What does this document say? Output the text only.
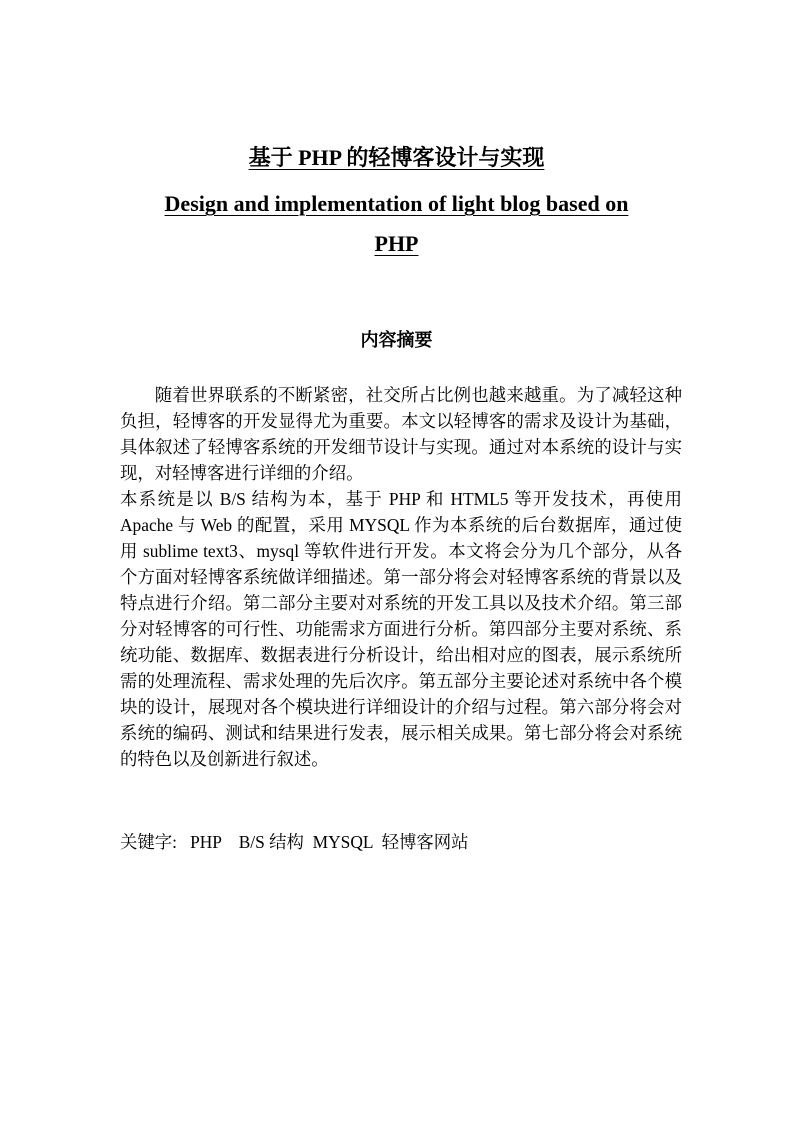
基于 PHP 的轻博客设计与实现
Design and implementation of light blog based on
PHP
内容摘要
随着世界联系的不断紧密，社交所占比例也越来越重。为了减轻这种负担，轻博客的开发显得尤为重要。本文以轻博客的需求及设计为基础，具体叙述了轻博客系统的开发细节设计与实现。通过对本系统的设计与实现，对轻博客进行详细的介绍。
本系统是以 B/S 结构为本，基于 PHP 和 HTML5 等开发技术，再使用 Apache 与 Web 的配置，采用 MYSQL 作为本系统的后台数据库，通过使用 sublime text3、mysql 等软件进行开发。本文将会分为几个部分，从各个方面对轻博客系统做详细描述。第一部分将会对轻博客系统的背景以及特点进行介绍。第二部分主要对对系统的开发工具以及技术介绍。第三部分对轻博客的可行性、功能需求方面进行分析。第四部分主要对系统、系统功能、数据库、数据表进行分析设计，给出相对应的图表，展示系统所需的处理流程、需求处理的先后次序。第五部分主要论述对系统中各个模块的设计，展现对各个模块进行详细设计的介绍与过程。第六部分将会对系统的编码、测试和结果进行发表，展示相关成果。第七部分将会对系统的特色以及创新进行叙述。
关键字: PHP    B/S 结构  MYSQL  轻博客网站
